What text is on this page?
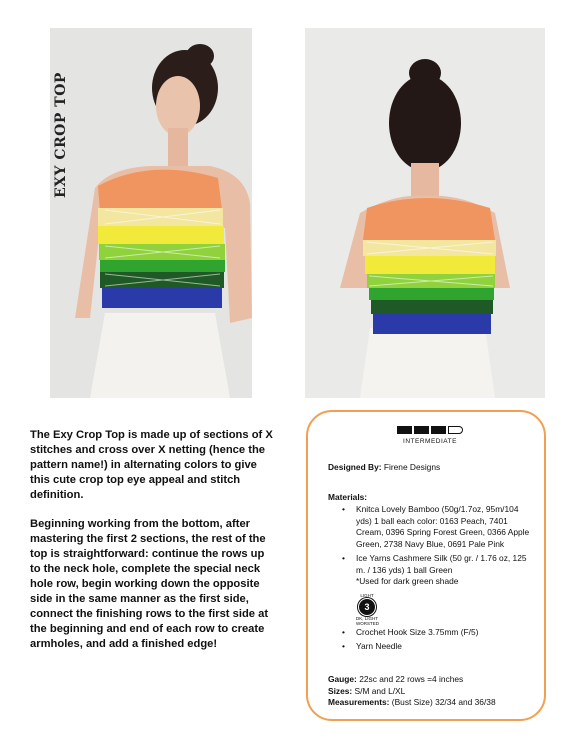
EXY CROP TOP

The Exy Crop Top is made up of sections of X stitches and cross over X netting (hence the pattern name!) in alternating colors to give this cute crop top eye appeal and stitch definition.

Beginning working from the bottom, after mastering the first 2 sections, the rest of the top is straightforward: continue the rows up to the neck hole, complete the special neck hole row, begin working down the opposite side in the same manner as the first side, connect the finishing rows to the first side at the beginning and end of each row to create armholes, and add a finished edge!

INTERMEDIATE
Designed By: Firene Designs
Materials:
• Knitca Lovely Bamboo (50g/1.7oz, 95m/104 yds) 1 ball each color: 0163 Peach, 7401 Cream, 0396 Spring Forest Green, 0366 Apple Green, 2738 Navy Blue, 0691 Pale Pink
• Ice Yarns Cashmere Silk (50 gr. / 1.76 oz, 125 m. / 136 yds) 1 ball Green
*Used for dark green shade
LIGHT
3
DK, LIGHT WORSTED
• Crochet Hook Size 3.75mm (F/5)
• Yarn Needle
Gauge: 22sc and 22 rows =4 inches
Sizes: S/M and L/XL
Measurements: (Bust Size) 32/34 and 36/38
